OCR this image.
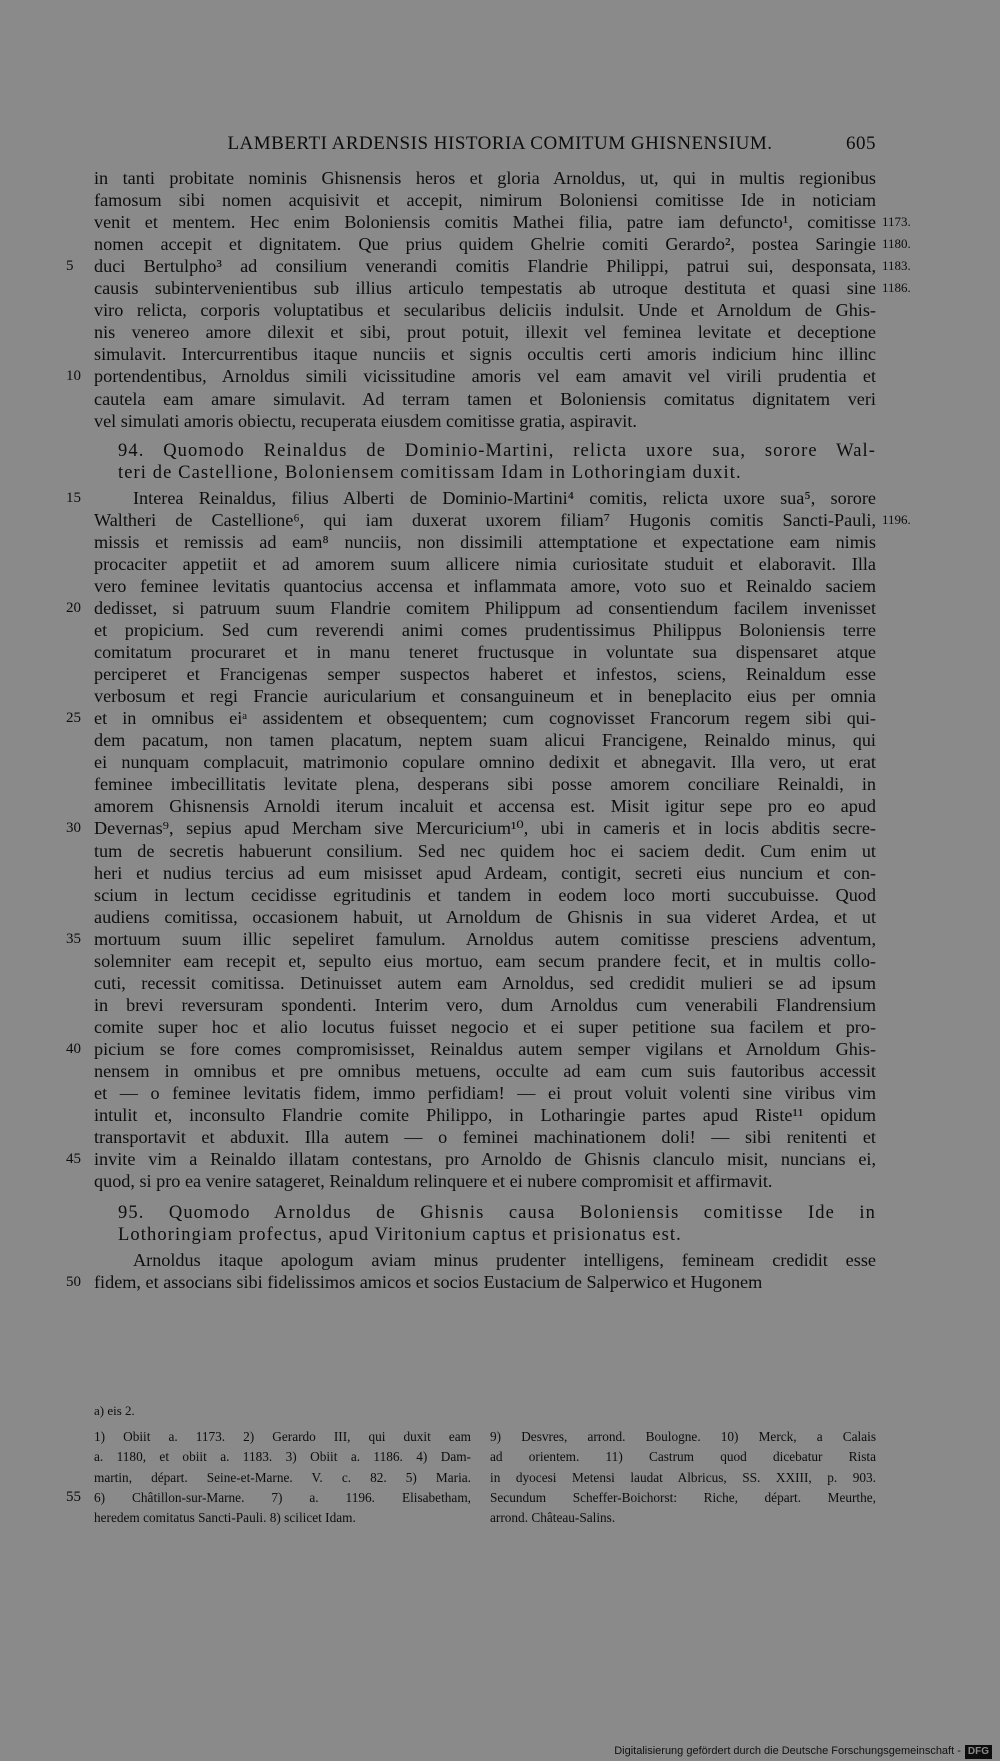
LAMBERTI ARDENSIS HISTORIA COMITUM GHISNENSIUM.	605
in tanti probitate nominis Ghisnensis heros et gloria Arnoldus, ut, qui in multis regionibus
famosum sibi nomen acquisivit et accepit, nimirum Boloniensi comitisse Ide in noticiam
venit et mentem. Hec enim Boloniensis comitis Mathei filia, patre iam defuncto¹, comitisse 1173.
nomen accepit et dignitatem. Que prius quidem Ghelrie comiti Gerardo², postea Saringie 1180.
duci Bertulpho³ ad consilium venerandi comitis Flandrie Philippi, patrui sui, desponsata,
5	1183.
causis subintervenientibus sub illius articulo tempestatis ab utroque destituta et quasi sine 1186.
viro relicta, corporis voluptatibus et secularibus deliciis indulsit. Unde et Arnoldum de Ghis-
nis venereo amore dilexit et sibi, prout potuit, illexit vel feminea levitate et deceptione
simulavit. Intercurrentibus itaque nunciis et signis occultis certi amoris indicium hinc illinc
portendentibus, Arnoldus simili vicissitudine amoris vel eam amavit vel virili prudentia et
10
cautela eam amare simulavit. Ad terram tamen et Boloniensis comitatus dignitatem veri
vel simulati amoris obiectu, recuperata eiusdem comitisse gratia, aspiravit.
94. Quomodo Reinaldus de Dominio-Martini, relicta uxore sua, sorore Wal-
teri de Castellione, Boloniensem comitissam Idam in Lothoringiam duxit.
Interea Reinaldus, filius Alberti de Dominio-Martini⁴ comitis, relicta uxore sua⁵, sorore
15
Waltheri de Castellione⁶, qui iam duxerat uxorem filiam⁷ Hugonis comitis Sancti-Pauli, 1196.
missis et remissis ad eam⁸ nunciis, non dissimili attemptatione et expectatione eam nimis
procaciter appetiit et ad amorem suum allicere nimia curiositate studuit et elaboravit. Illa
vero feminee levitatis quantocius accensa et inflammata amore, voto suo et Reinaldo saciem
dedisset, si patruum suum Flandrie comitem Philippum ad consentiendum facilem invenisset
20
et propicium. Sed cum reverendi animi comes prudentissimus Philippus Boloniensis terre
comitatum procuraret et in manu teneret fructusque in voluntate sua dispensaret atque
perciperet et Francigenas semper suspectos haberet et infestos, sciens, Reinaldum esse
verbosum et regi Francie auricularium et consanguineum et in beneplacito eius per omnia
et in omnibus eiᵃ assidentem et obsequentem; cum cognovisset Francorum regem sibi qui-
25
dem pacatum, non tamen placatum, neptem suam alicui Francigene, Reinaldo minus, qui
ei nunquam complacuit, matrimonio copulare omnino dedixit et abnegavit. Illa vero, ut erat
feminee imbecillitatis levitate plena, desperans sibi posse amorem conciliare Reinaldi, in
amorem Ghisnensis Arnoldi iterum incaluit et accensa est. Misit igitur sepe pro eo apud
Devernas⁹, sepius apud Mercham sive Mercuricium¹⁰, ubi in cameris et in locis abditis secre-
30
tum de secretis habuerunt consilium. Sed nec quidem hoc ei saciem dedit. Cum enim ut
heri et nudius tercius ad eum misisset apud Ardeam, contigit, secreti eius nuncium et con-
scium in lectum cecidisse egritudinis et tandem in eodem loco morti succubuisse. Quod
audiens comitissa, occasionem habuit, ut Arnoldum de Ghisnis in sua videret Ardea, et ut
mortuum suum illic sepeliret famulum. Arnoldus autem comitisse presciens adventum,
35
solemniter eam recepit et, sepulto eius mortuo, eam secum prandere fecit, et in multis collo-
cuti, recessit comitissa. Detinuisset autem eam Arnoldus, sed credidit mulieri se ad ipsum
in brevi reversuram spondenti. Interim vero, dum Arnoldus cum venerabili Flandrensium
comite super hoc et alio locutus fuisset negocio et ei super petitione sua facilem et pro-
picium se fore comes compromisisset, Reinaldus autem semper vigilans et Arnoldum Ghis-
40
nensem in omnibus et pre omnibus metuens, occulte ad eam cum suis fautoribus accessit
et — o feminee levitatis fidem, immo perfidiam! — ei prout voluit volenti sine viribus vim
intulit et, inconsulto Flandrie comite Philippo, in Lotharingie partes apud Riste¹¹ opidum
transportavit et abduxit. Illa autem — o feminei machinationem doli! — sibi renitenti et
invite vim a Reinaldo illatam contestans, pro Arnoldo de Ghisnis clanculo misit, nuncians ei,
45
quod, si pro ea venire satageret, Reinaldum relinquere et ei nubere compromisit et affirmavit.
95. Quomodo Arnoldus de Ghisnis causa Boloniensis comitisse Ide in
Lothoringiam profectus, apud Viritonium captus et prisionatus est.
Arnoldus itaque apologum aviam minus prudenter intelligens, femineam credidit esse
fidem, et associans sibi fidelissimos amicos et socios Eustacium de Salperwico et Hugonem
50
a) eis 2.
1) Obiit a. 1173. 2) Gerardo III, qui duxit eam
a. 1180, et obiit a. 1183. 3) Obiit a. 1186. 4) Dam-
martin, départ. Seine-et-Marne. V. c. 82. 5) Maria.
6) Châtillon-sur-Marne. 7) a. 1196. Elisabetham,
heredem comitatus Sancti-Pauli. 8) scilicet Idam.
9) Desvres, arrond. Boulogne. 10) Merck, a Calais
ad orientem. 11) Castrum quod dicebatur Rista
in dyocesi Metensi laudat Albricus, SS. XXIII, p. 903.
Secundum Scheffer-Boichorst: Riche, départ. Meurthe,
arrond. Château-Salins.
55
Digitalisierung gefördert durch die Deutsche Forschungsgemeinschaft - DFG
